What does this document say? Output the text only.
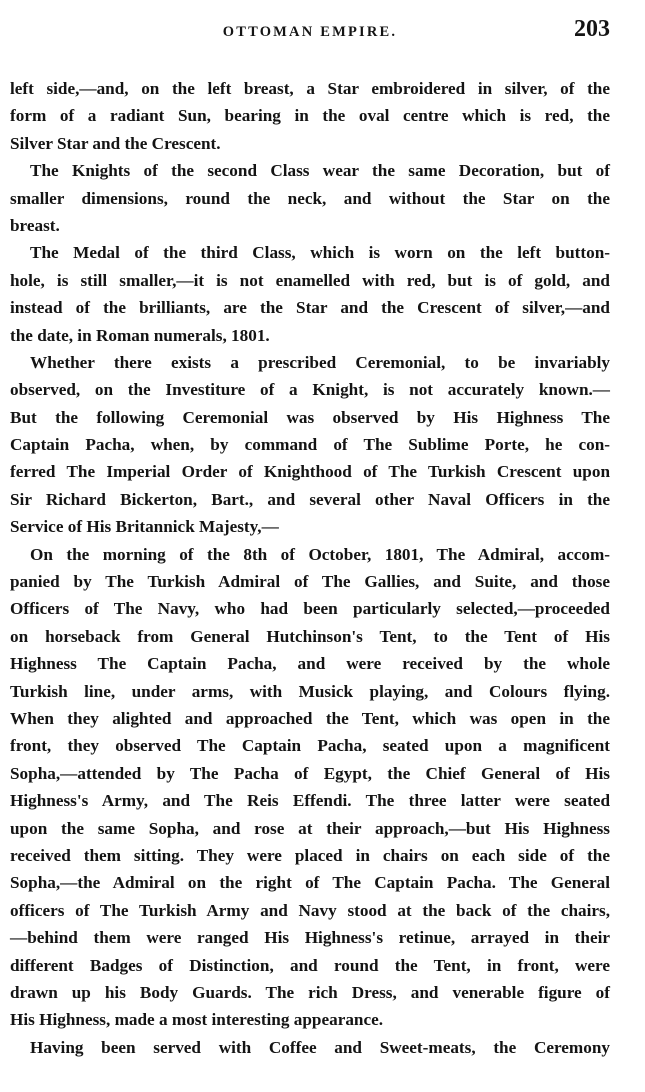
OTTOMAN EMPIRE.	203
left side,—and, on the left breast, a Star embroidered in silver, of the
form of a radiant Sun, bearing in the oval centre which is red, the
Silver Star and the Crescent.
The Knights of the second Class wear the same Decoration, but of
smaller dimensions, round the neck, and without the Star on the
breast.
The Medal of the third Class, which is worn on the left button-
hole, is still smaller,—it is not enamelled with red, but is of gold, and
instead of the brilliants, are the Star and the Crescent of silver,—and
the date, in Roman numerals, 1801.
Whether there exists a prescribed Ceremonial, to be invariably
observed, on the Investiture of a Knight, is not accurately known.—
But the following Ceremonial was observed by His Highness The
Captain Pacha, when, by command of The Sublime Porte, he con-
ferred The Imperial Order of Knighthood of The Turkish Crescent upon
Sir Richard Bickerton, Bart., and several other Naval Officers in the
Service of His Britannick Majesty,—
On the morning of the 8th of October, 1801, The Admiral, accom-
panied by The Turkish Admiral of The Gallies, and Suite, and those
Officers of The Navy, who had been particularly selected,—proceeded
on horseback from General Hutchinson's Tent, to the Tent of His
Highness The Captain Pacha, and were received by the whole
Turkish line, under arms, with Musick playing, and Colours flying.
When they alighted and approached the Tent, which was open in the
front, they observed The Captain Pacha, seated upon a magnificent
Sopha,—attended by The Pacha of Egypt, the Chief General of His
Highness's Army, and The Reis Effendi. The three latter were seated
upon the same Sopha, and rose at their approach,—but His Highness
received them sitting. They were placed in chairs on each side of the
Sopha,—the Admiral on the right of The Captain Pacha. The General
officers of The Turkish Army and Navy stood at the back of the chairs,
—behind them were ranged His Highness's retinue, arrayed in their
different Badges of Distinction, and round the Tent, in front, were
drawn up his Body Guards. The rich Dress, and venerable figure of
His Highness, made a most interesting appearance.
Having been served with Coffee and Sweet-meats, the Ceremony
